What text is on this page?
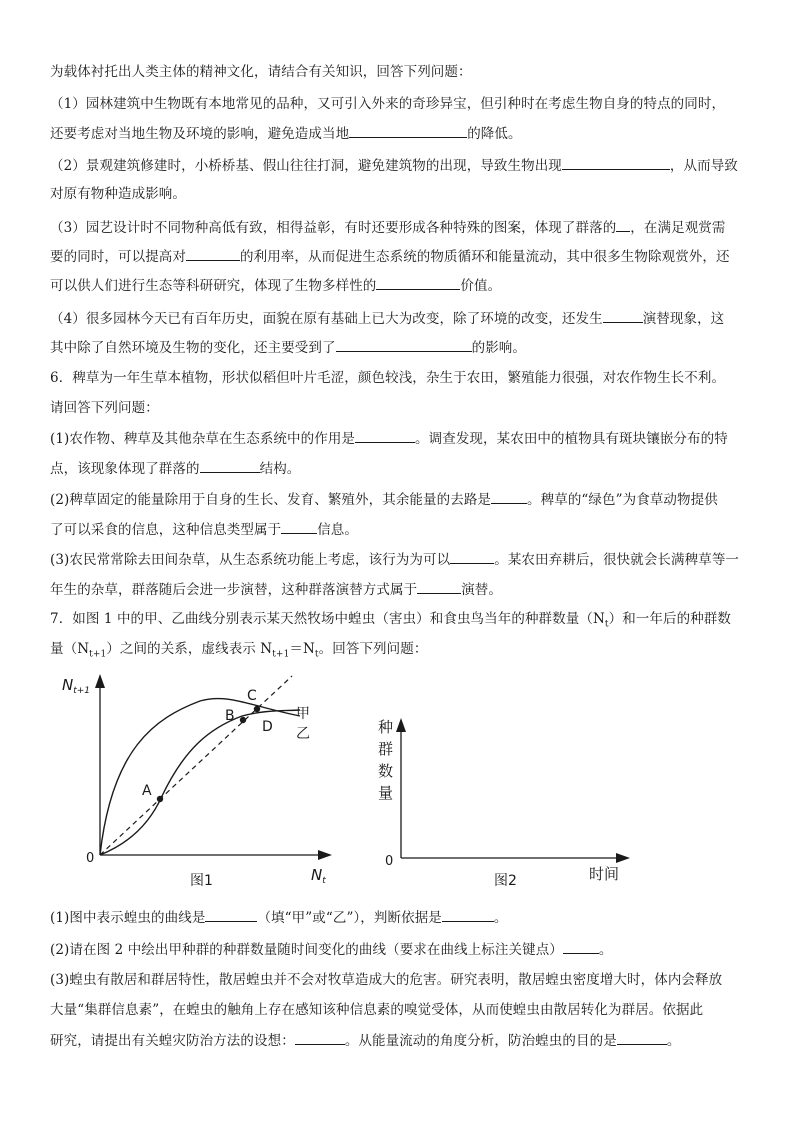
为载体衬托出人类主体的精神文化，请结合有关知识，回答下列问题：
（1）园林建筑中生物既有本地常见的品种，又可引入外来的奇珍异宝，但引种时在考虑生物自身的特点的同时，
还要考虑对当地生物及环境的影响，避免造成当地	的降低。
（2）景观建筑修建时，小桥桥基、假山往往打洞，避免建筑物的出现，导致生物出现	，从而导致
对原有物种造成影响。
（3）园艺设计时不同物种高低有致，相得益彰，有时还要形成各种特殊的图案，体现了群落的 ，在满足观赏需
要的同时，可以提高对	的利用率，从而促进生态系统的物质循环和能量流动，其中很多生物除观赏外，还
可以供人们进行生态等科研研究，体现了生物多样性的	价值。
（4）很多园林今天已有百年历史，面貌在原有基础上已大为改变，除了环境的改变，还发生	演替现象，这
其中除了自然环境及生物的变化，还主要受到了	的影响。
6．稗草为一年生草本植物，形状似稻但叶片毛涩，颜色较浅，杂生于农田，繁殖能力很强，对农作物生长不利。
请回答下列问题：
(1)农作物、稗草及其他杂草在生态系统中的作用是	。调查发现，某农田中的植物具有斑块镶嵌分布的特
点，该现象体现了群落的	结构。
(2)稗草固定的能量除用于自身的生长、发育、繁殖外，其余能量的去路是	。稗草的“绿色”为食草动物提供
了可以采食的信息，这种信息类型属于	信息。
(3)农民常常除去田间杂草，从生态系统功能上考虑，该行为为可以	。某农田弃耕后，很快就会长满稗草等一
年生的杂草，群落随后会进一步演替，这种群落演替方式属于	演替。
7．如图 1 中的甲、乙曲线分别表示某天然牧场中蝗虫（害虫）和食虫鸟当年的种群数量$(N_t)$和一年后的种群数
量$(N_{t+1})$之间的关系，虚线表示 $N_{t+1}=N_t$。回答下列问题：
A
B
C
D
甲
乙
$N_{t+1}$
$N_t$
0
图1
种
群
数
量
0
时间
图2
(1)图中表示蝗虫的曲线是	（填“甲”或“乙”），判断依据是	。
(2)请在图 2 中绘出甲种群的种群数量随时间变化的曲线（要求在曲线上标注关键点）	。
(3)蝗虫有散居和群居特性，散居蝗虫并不会对牧草造成大的危害。研究表明，散居蝗虫密度增大时，体内会释放
大量“集群信息素”，在蝗虫的触角上存在感知该种信息素的嗅觉受体，从而使蝗虫由散居转化为群居。依据此
研究，请提出有关蝗灾防治方法的设想：	。从能量流动的角度分析，防治蝗虫的目的是	。
